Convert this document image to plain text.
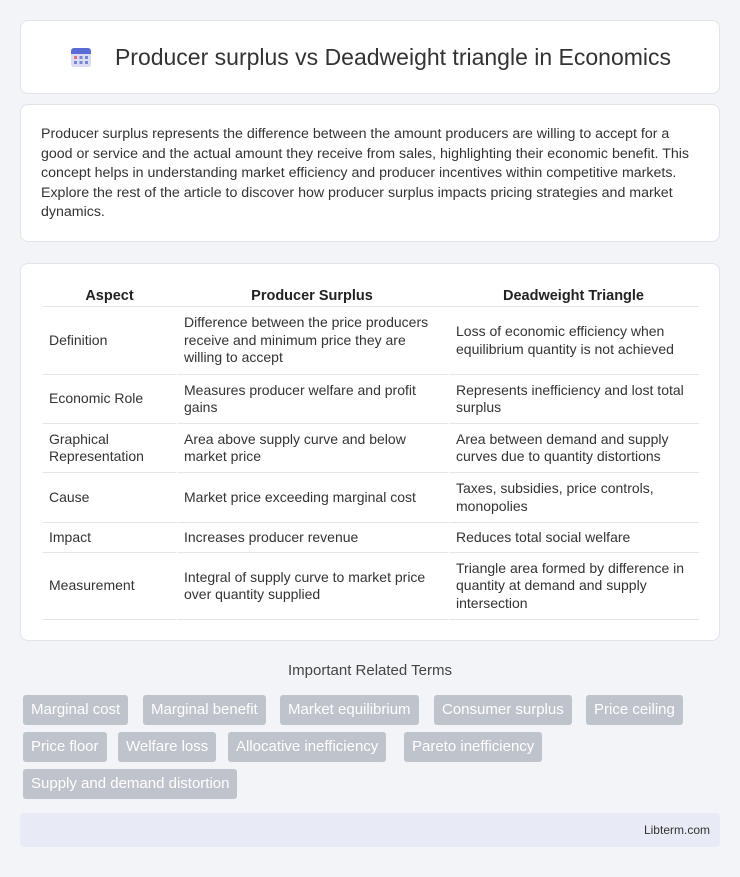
Producer surplus vs Deadweight triangle in Economics

Producer surplus represents the difference between the amount producers are willing to accept for a good or service and the actual amount they receive from sales, highlighting their economic benefit. This concept helps in understanding market efficiency and producer incentives within competitive markets. Explore the rest of the article to discover how producer surplus impacts pricing strategies and market dynamics.

Aspect	Producer Surplus	Deadweight Triangle
Definition	Difference between the price producers receive and minimum price they are willing to accept	Loss of economic efficiency when equilibrium quantity is not achieved
Economic Role	Measures producer welfare and profit gains	Represents inefficiency and lost total surplus
Graphical Representation	Area above supply curve and below market price	Area between demand and supply curves due to quantity distortions
Cause	Market price exceeding marginal cost	Taxes, subsidies, price controls, monopolies
Impact	Increases producer revenue	Reduces total social welfare
Measurement	Integral of supply curve to market price over quantity supplied	Triangle area formed by difference in quantity at demand and supply intersection
Important Related Terms
Marginal cost	Marginal benefit	Market equilibrium	Consumer surplus	Price ceiling
Price floor	Welfare loss	Allocative inefficiency	Pareto inefficiency
Supply and demand distortion
Libterm.com
